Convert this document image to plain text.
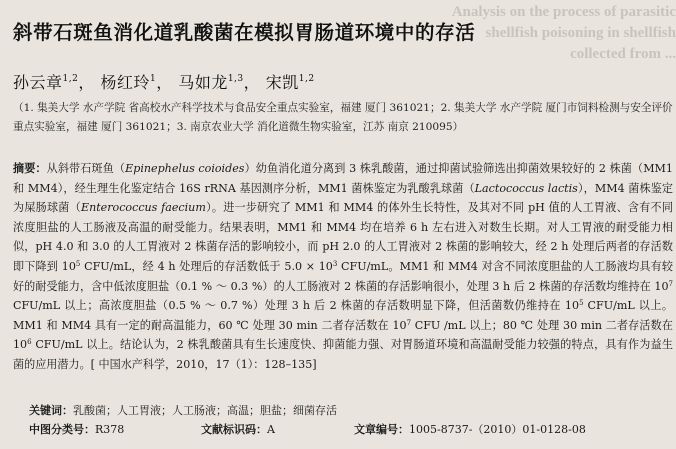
Analysis on the process of parasitic
shellfish poisoning in shellfish
collected from ...
斜带石斑鱼消化道乳酸菌在模拟胃肠道环境中的存活
孙云章$^{1,2}$， 杨红玲$^1$， 马如龙$^{1,3}$， 宋凯$^{1,2}$
（1. 集美大学 水产学院 省高校水产科学技术与食品安全重点实验室，福建 厦门 361021；2. 集美大学 水产学院 厦门市饲料检测与安全评价重点实验室，福建 厦门 361021；3. 南京农业大学 消化道微生物实验室，江苏 南京 210095）
摘要：从斜带石斑鱼（Epinephelus coioides）幼鱼消化道分离到 3 株乳酸菌，通过抑菌试验筛选出抑菌效果较好的 2 株菌（MM1 和 MM4），经生理生化鉴定结合 16S rRNA 基因测序分析，MM1 菌株鉴定为乳酸乳球菌（Lactococcus lactis），MM4 菌株鉴定为屎肠球菌（Enterococcus faecium）。进一步研究了 MM1 和 MM4 的体外生长特性，及其对不同 pH 值的人工胃液、含有不同浓度胆盐的人工肠液及高温的耐受能力。结果表明，MM1 和 MM4 均在培养 6 h 左右进入对数生长期。对人工胃液的耐受能力相似，pH 4.0 和 3.0 的人工胃液对 2 株菌存活的影响较小，而 pH 2.0 的人工胃液对 2 株菌的影响较大，经 2 h 处理后两者的存活数即下降到 $10^5$ CFU/mL，经 4 h 处理后的存活数低于 $5.0 \times 10^3$ CFU/mL。MM1 和 MM4 对含不同浓度胆盐的人工肠液均具有较好的耐受能力，含中低浓度胆盐（0.1 % ～ 0.3 %）的人工肠液对 2 株菌的存活影响很小，处理 3 h 后 2 株菌的存活数均维持在 $10^7$ CFU/mL 以上；高浓度胆盐（0.5 % ～ 0.7 %）处理 3 h 后 2 株菌的存活数明显下降，但活菌数仍维持在 $10^5$ CFU/mL 以上。MM1 和 MM4 具有一定的耐高温能力，60 ℃ 处理 30 min 二者存活数在 $10^7$ CFU /mL 以上；80 ℃ 处理 30 min 二者存活数在 $10^6$ CFU/mL 以上。结论认为，2 株乳酸菌具有生长速度快、抑菌能力强、对胃肠道环境和高温耐受能力较强的特点，具有作为益生菌的应用潜力。[ 中国水产科学，2010，17（1）：128–135]
关键词：乳酸菌；人工胃液；人工肠液；高温；胆盐；细菌存活
中图分类号：R378	文献标识码：A	文章编号：1005-8737-（2010）01-0128-08
